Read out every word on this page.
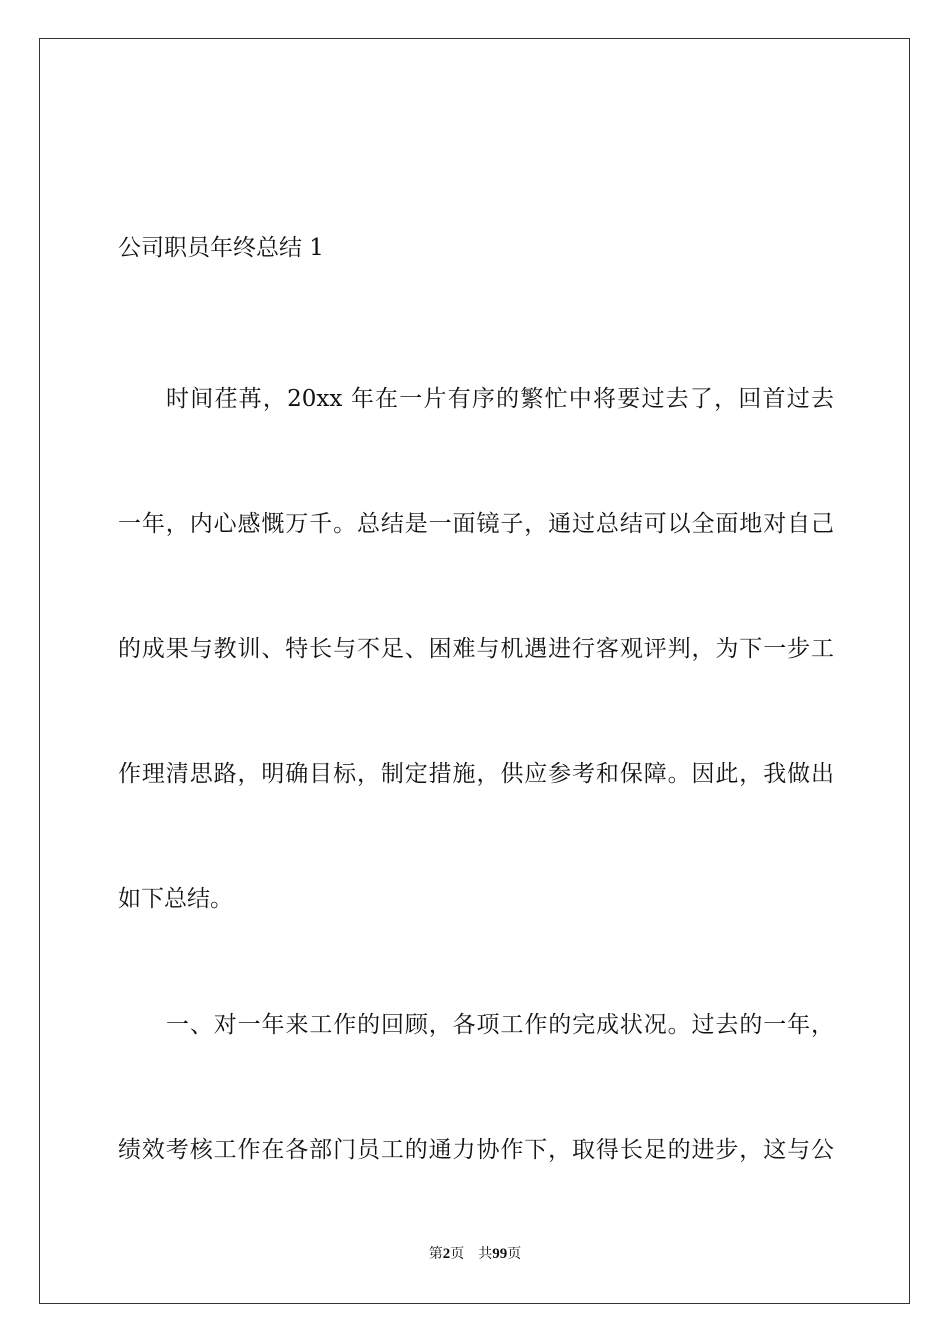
公司职员年终总结 1

时间荏苒，20xx 年在一片有序的繁忙中将要过去了，回首过去

一年，内心感慨万千。总结是一面镜子，通过总结可以全面地对自己

的成果与教训、特长与不足、困难与机遇进行客观评判，为下一步工

作理清思路，明确目标，制定措施，供应参考和保障。因此，我做出

如下总结。

一、对一年来工作的回顾，各项工作的完成状况。过去的一年，

绩效考核工作在各部门员工的通力协作下，取得长足的进步，这与公

第2页 共99页
